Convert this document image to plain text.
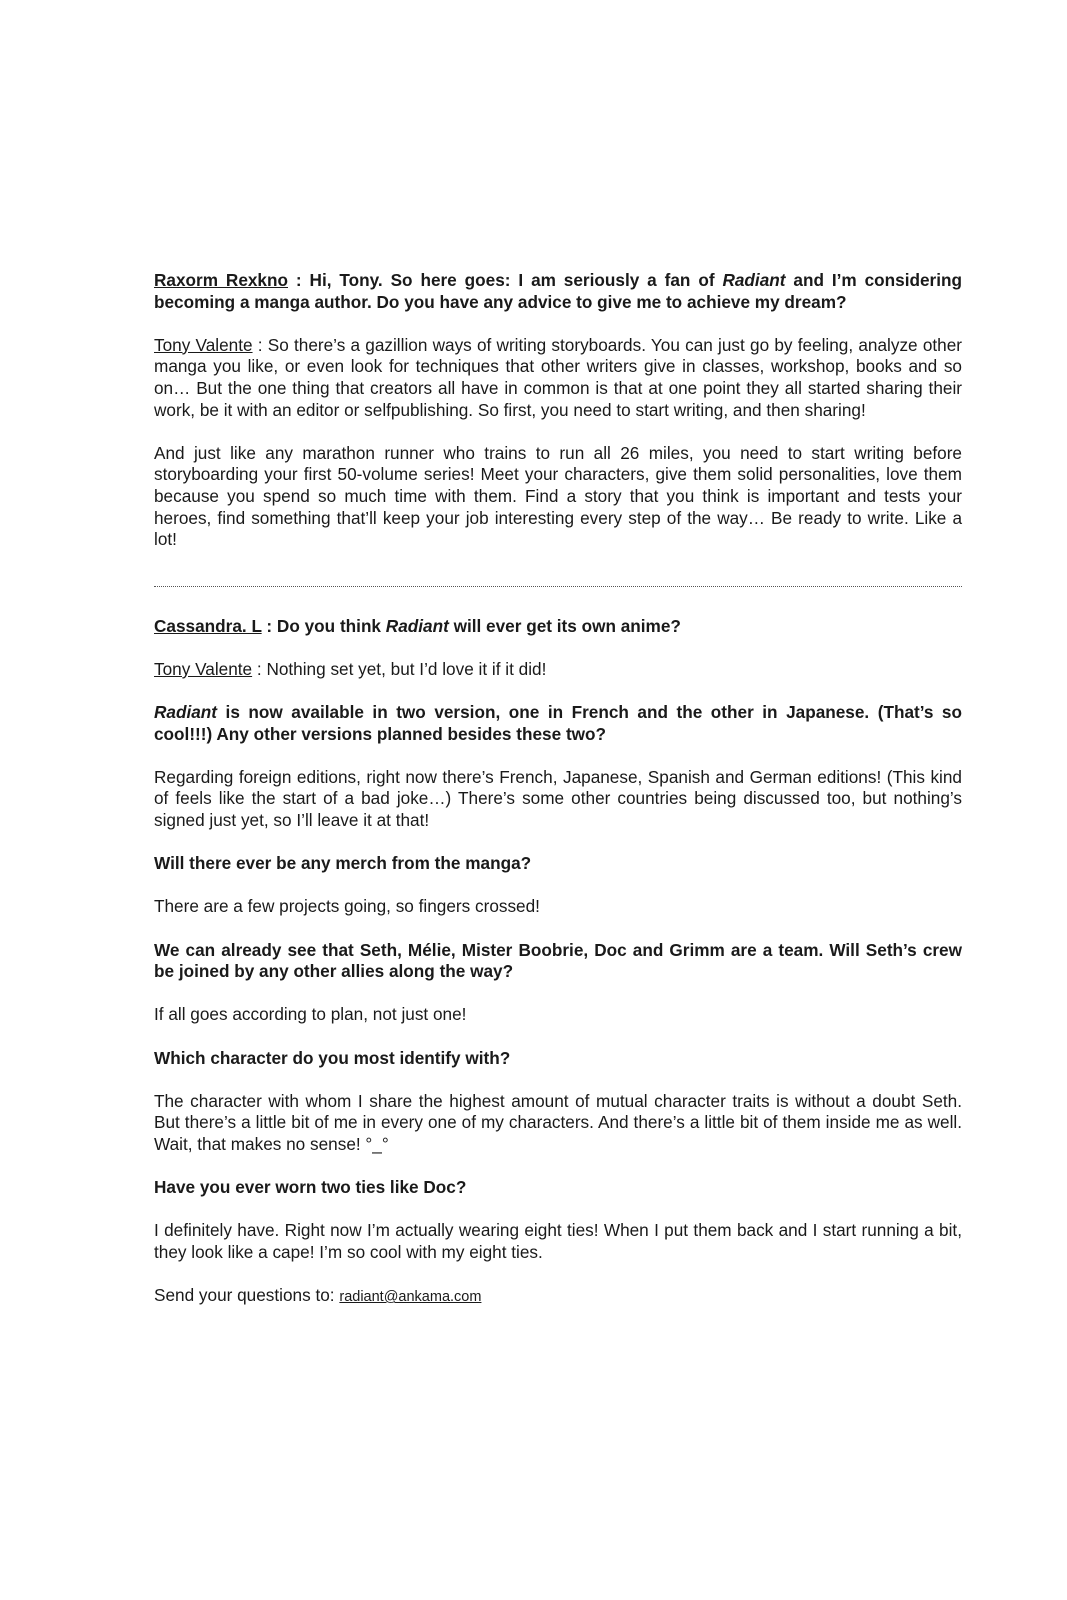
Raxorm Rexkno : Hi, Tony. So here goes: I am seriously a fan of Radiant and I’m considering becoming a manga author. Do you have any advice to give me to achieve my dream?

Tony Valente : So there’s a gazillion ways of writing storyboards. You can just go by feeling, analyze other manga you like, or even look for techniques that other writers give in classes, workshop, books and so on… But the one thing that creators all have in common is that at one point they all started sharing their work, be it with an editor or selfpublishing. So first, you need to start writing, and then sharing!

And just like any marathon runner who trains to run all 26 miles, you need to start writing before storyboarding your first 50-volume series! Meet your characters, give them solid personalities, love them because you spend so much time with them. Find a story that you think is important and tests your heroes, find something that’ll keep your job interesting every step of the way… Be ready to write. Like a lot!

Cassandra. L : Do you think Radiant will ever get its own anime?

Tony Valente : Nothing set yet, but I’d love it if it did!

Radiant is now available in two version, one in French and the other in Japanese. (That’s so cool!!!) Any other versions planned besides these two?

Regarding foreign editions, right now there’s French, Japanese, Spanish and German editions! (This kind of feels like the start of a bad joke…) There’s some other countries being discussed too, but nothing’s signed just yet, so I’ll leave it at that!

Will there ever be any merch from the manga?

There are a few projects going, so fingers crossed!

We can already see that Seth, Mélie, Mister Boobrie, Doc and Grimm are a team. Will Seth’s crew be joined by any other allies along the way?

If all goes according to plan, not just one!

Which character do you most identify with?

The character with whom I share the highest amount of mutual character traits is without a doubt Seth. But there’s a little bit of me in every one of my characters. And there’s a little bit of them inside me as well. Wait, that makes no sense! °_°

Have you ever worn two ties like Doc?

I definitely have. Right now I’m actually wearing eight ties! When I put them back and I start running a bit, they look like a cape! I’m so cool with my eight ties.

Send your questions to: radiant@ankama.com
